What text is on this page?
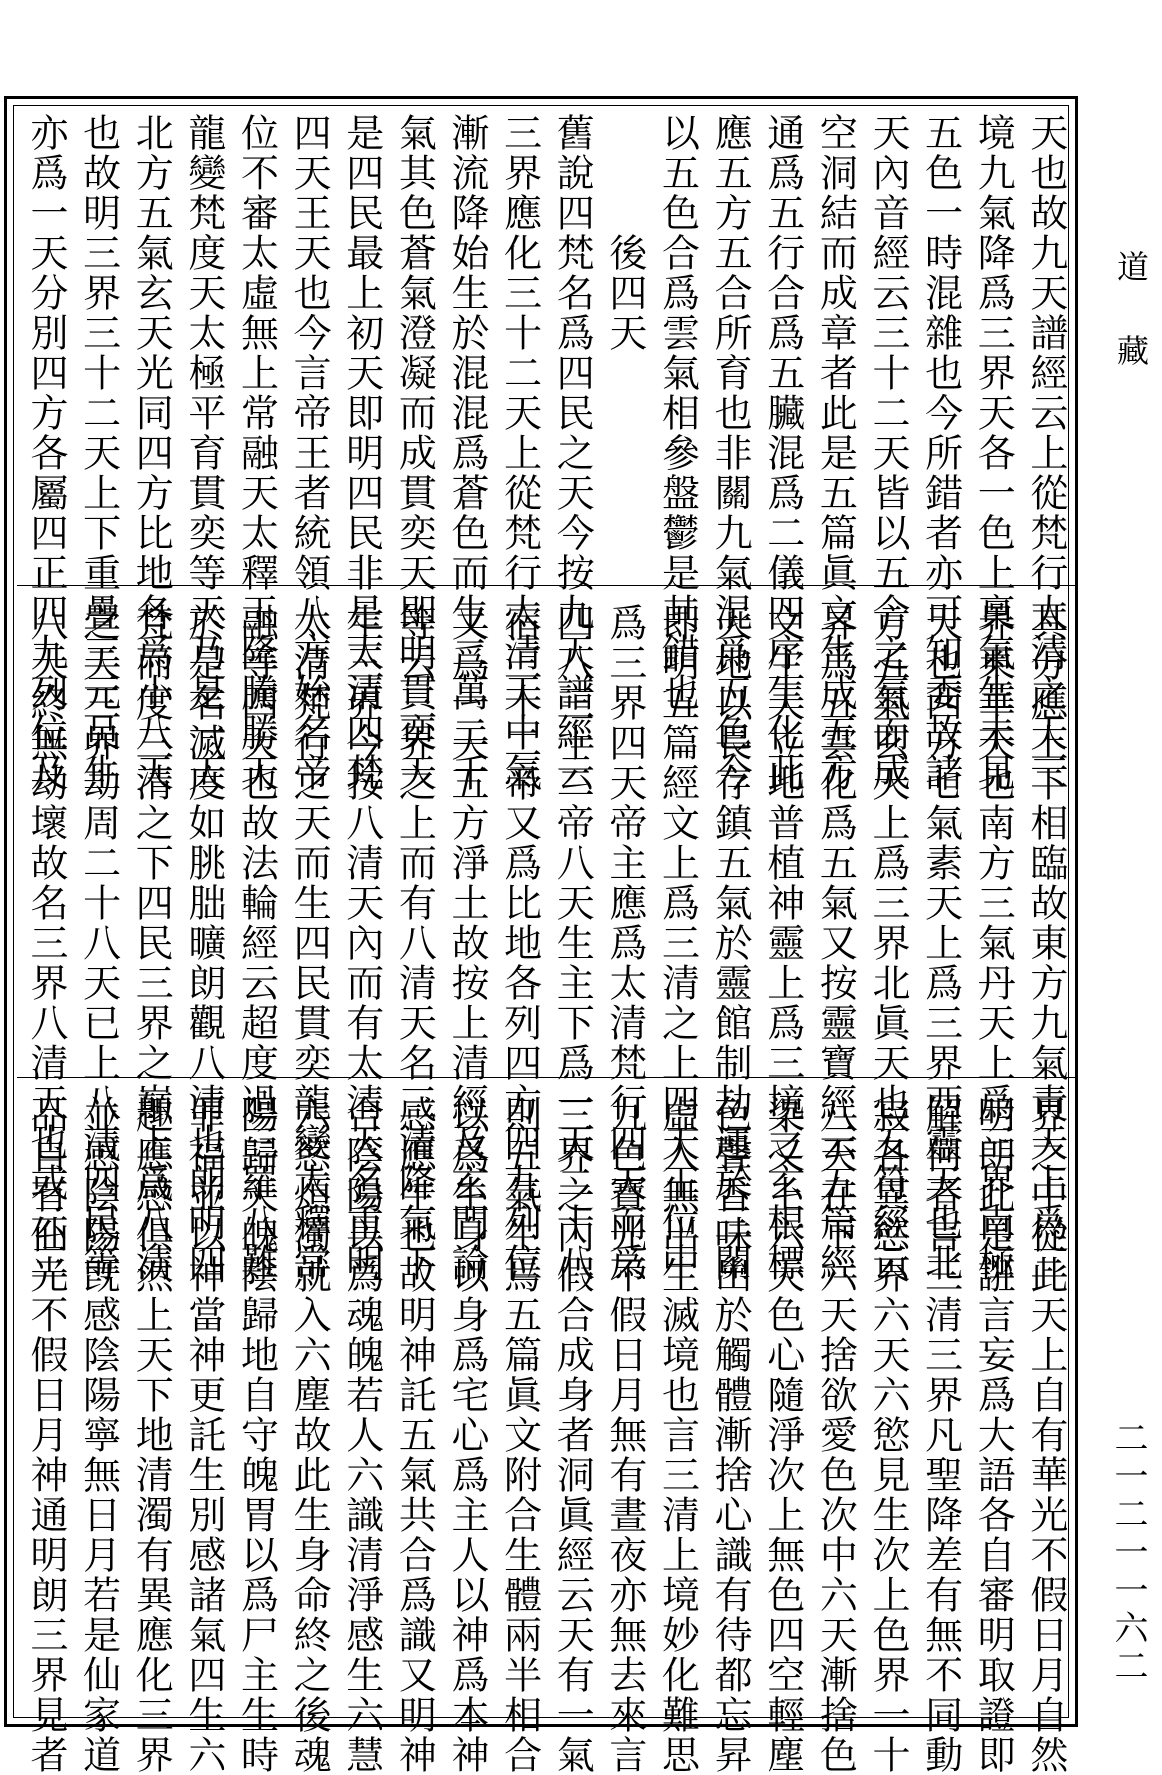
天也故九天譜經云上從梵行太清之天三
境九氣降爲三界天各一色上稟氣生未見
五色一時混雜也今所錯者亦可知委故諸
天內音經云三十二天皆以五合之氣而成
空洞結而成章者此是五篇眞文生成五方
通爲五行合爲五臟混爲二儀四序生化此
應五方五合所育也非關九氣混爲五色今
以五色合爲雲氣相參盤鬱是其錯也
　　　後四天
舊說四梵名爲四民之天今按九天譜經云
三界應化三十二天上從梵行太清天中氣
漸流降始生於混混爲蒼色而生二萬二千
氣其色蒼氣澄凝而成貫奕天即明貫奕天
是四民最上初天即明四民非是太清四梵
四天王天也今言帝王者統領八方始名帝
位不審太虛無上常融天太釋玉隆騰勝天
龍變梵度天太極平育貫奕等天乃是一天
北方五氣玄天光同四方比地各爲小八天
也故明三界三十二天上下重疊三元品生
亦爲一天分別四方各屬四正四九列位及
其分應上下相臨故東方九氣青天上爲三
界東華天也南方三氣丹天上爲三界南極
天也西方七氣素天上爲三界西靈天也北
方五氣玄天上爲三界北眞天也五符經云
昇爲五雲化爲五氣又按靈寶經云五篇經
文生天立地普植神靈上爲三境之玄根標
天地以長存鎮五氣於靈館制劫運於三關
即明五篇經文上爲三清之上四天王位中
爲三界四天帝主應爲太清梵行四天而爲
四八三十二帝八天生主下爲一天二十八
宿三十二帝又爲比地各列四方四九列位
又爲一天五方淨土故按上清經及玄門論
等云三界之上而有八清天名三清降氣下
生三界今按八清天內而有太清天名重明
太清梵行之天而生四民貫奕龍變太釋常
融等四天也故法輪經云超度過三羅八難
於是名滅度如朓朏曠朗觀八清也朗明四
梵而度三清之下四民三界之巔上爲八清
之天三界劫周二十八天已上八清四民等
八天終無劫壞故名三界八清天也或云三
界之中從此天上自有華光不假日月自然
明朗此是誑言妄爲大語各自審明取證即
解何者言三清三界凡聖降差有無不同動
寂各異慾界六天六慾見生次上色界一十
八天在下六天捨欲愛色次中六天漸捨色
染又上六天色心隨淨次上無色四空輕塵
色聲香味出於觸體漸捨心識有待都忘昇
虛入無出生滅境也言三清上境妙化難思
九色寶光不假日月無有晝夜亦無去來言
三界之內假合成身者洞眞經云天有一氣
則五氣生焉五篇眞文附合生體兩半相合
以爲生身以身爲宅心爲主人以神爲本神
感應生也故明神託五氣共合爲識又明神
合陰陽以爲魂魄若人六識清淨感生六慧
六慾煩濁就入六塵故此生身命終之後魂
陽歸天魄陰歸地自守魄胃以爲尸主生時
罪福並以神當神更託生別感諸氣四生六
趣應感俱然上天下地清濁有異應化三界
並感陰陽旣感陰陽寧無日月若是仙家道
品自有仙光不假日月神通明朗三界見者
道藏
二一二一一六二
